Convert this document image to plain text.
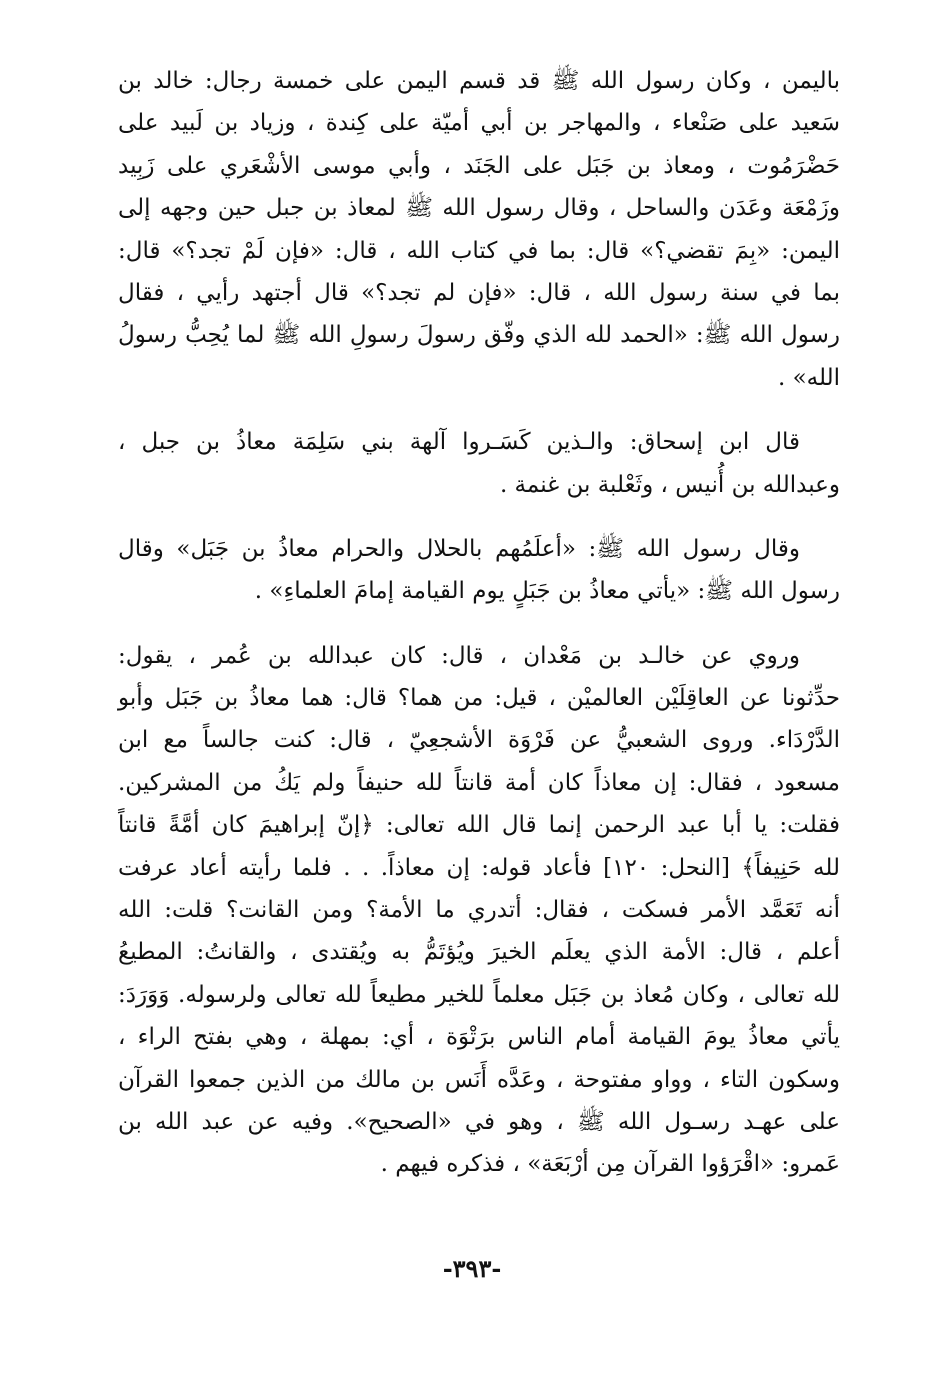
باليمن ، وكان رسول الله ﷺ قد قسم اليمن على خمسة رجال: خالد بن
سَعيد على صَنْعاء ، والمهاجر بن أبي أميّة على كِندة ، وزياد بن لَبيد على
حَضْرَمُوت ، ومعاذ بن جَبَل على الجَنَد ، وأبي موسى الأشْعَري على زَبِيد
وزَمْعَة وعَدَن والساحل ، وقال رسول الله ﷺ لمعاذ بن جبل حين وجهه إلى
اليمن: «بِمَ تقضي؟» قال: بما في كتاب الله ، قال: «فإن لَمْ تجد؟» قال:
بما في سنة رسول الله ، قال: «فإن لم تجد؟» قال أجتهد رأيي ، فقال
رسول الله ﷺ: «الحمد لله الذي وفّق رسولَ رسولِ الله ﷺ لما يُحِبُّ رسولُ
الله» .
قال ابن إسحاق: والـذين كَسَـروا آلهة بني سَلِمَة معاذُ بن جبل ،
وعبدالله بن أُنيس ، وثَعْلبة بن غنمة .
وقال رسول الله ﷺ: «أعلَمُهم بالحلال والحرام معاذُ بن جَبَل» وقال
رسول الله ﷺ: «يأتي معاذُ بن جَبَلٍ يوم القيامة إمامَ العلماءِ» .
وروي عن خالـد بن مَعْدان ، قال: كان عبدالله بن عُمر ، يقول:
حدِّثونا عن العاقِلَيْن العالميْن ، قيل: من هما؟ قال: هما معاذُ بن جَبَل وأبو
الدَّرْدَاء. وروى الشعبيُّ عن فَرْوَة الأشجعِيّ ، قال: كنت جالساً مع ابن
مسعود ، فقال: إن معاذاً كان أمة قانتاً لله حنيفاً ولم يَكُ من المشركين.
فقلت: يا أبا عبد الرحمن إنما قال الله تعالى: ﴿إنّ إبراهيمَ كان أمَّةً قانتاً
لله حَنِيفاً﴾ [النحل: ١٢٠] فأعاد قوله: إن معاذاً. . . فلما رأيته أعاد عرفت
أنه تَعَمَّد الأمر فسكت ، فقال: أتدري ما الأمة؟ ومن القانت؟ قلت: الله
أعلم ، قال: الأمة الذي يعلَم الخيرَ ويُؤتَمُّ به ويُقتدى ، والقانتُ: المطيعُ
لله تعالى ، وكان مُعاذ بن جَبَل معلماً للخير مطيعاً لله تعالى ولرسوله. وَوَرَدَ:
يأتي معاذُ يومَ القيامة أمام الناس برَتْوَة ، أي: بمهلة ، وهي بفتح الراء ،
وسكون التاء ، وواو مفتوحة ، وعَدَّه أَنَس بن مالك من الذين جمعوا القرآن
على عهـد رسـول الله ﷺ ، وهو في «الصحيح». وفيه عن عبد الله بن
عَمرو: «اقْرَؤوا القرآن مِن أرْبَعَة» ، فذكره فيهم .
-٣٩٣-
